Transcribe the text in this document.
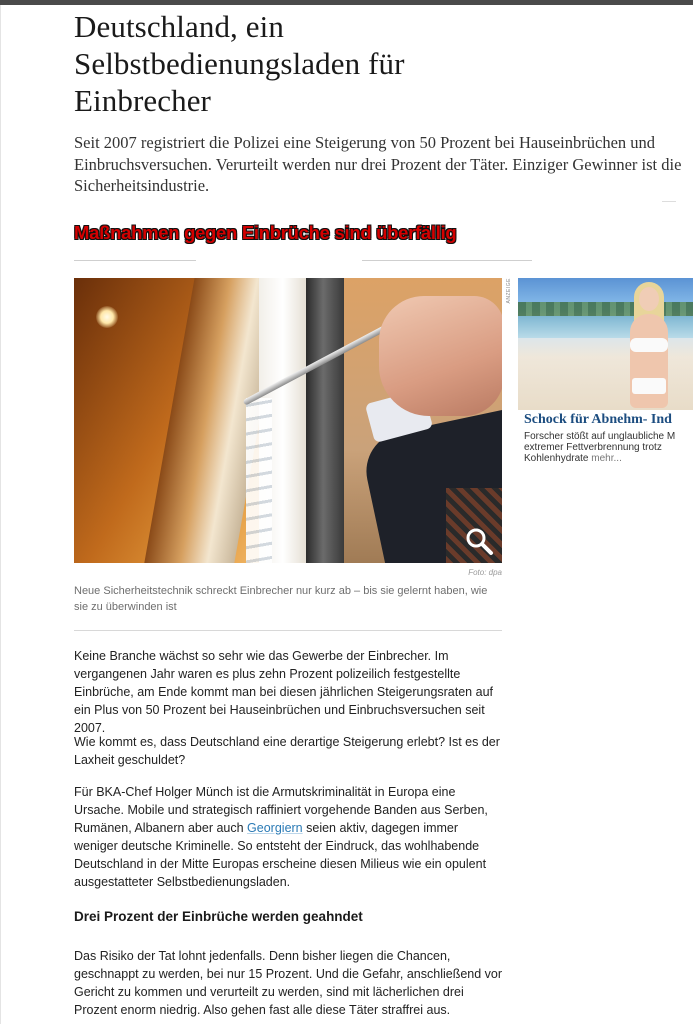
Deutschland, ein Selbstbedienungsladen für Einbrecher

Seit 2007 registriert die Polizei eine Steigerung von 50 Prozent bei Hauseinbrüchen und Einbruchsversuchen. Verurteilt werden nur drei Prozent der Täter. Einziger Gewinner ist die Sicherheitsindustrie.

Maßnahmen gegen Einbrüche sind überfällig
Foto: dpa

Neue Sicherheitstechnik schreckt Einbrecher nur kurz ab – bis sie gelernt haben, wie sie zu überwinden ist

Keine Branche wächst so sehr wie das Gewerbe der Einbrecher. Im vergangenen Jahr waren es plus zehn Prozent polizeilich festgestellte Einbrüche, am Ende kommt man bei diesen jährlichen Steigerungsraten auf ein Plus von 50 Prozent bei Hauseinbrüchen und Einbruchsversuchen seit 2007.

Wie kommt es, dass Deutschland eine derartige Steigerung erlebt? Ist es der Laxheit geschuldet?

Für BKA-Chef Holger Münch ist die Armutskriminalität in Europa eine Ursache. Mobile und strategisch raffiniert vorgehende Banden aus Serben, Rumänen, Albanern aber auch Georgiern seien aktiv, dagegen immer weniger deutsche Kriminelle. So entsteht der Eindruck, das wohlhabende Deutschland in der Mitte Europas erscheine diesen Milieus wie ein opulent ausgestatteter Selbstbedienungsladen.

Drei Prozent der Einbrüche werden geahndet

Das Risiko der Tat lohnt jedenfalls. Denn bisher liegen die Chancen, geschnappt zu werden, bei nur 15 Prozent. Und die Gefahr, anschließend vor Gericht zu kommen und verurteilt zu werden, sind mit lächerlichen drei Prozent enorm niedrig. Also gehen fast alle diese Täter straffrei aus.

ANZEIGE

Schock für Abnehm- Ind

Forscher stößt auf unglaubliche M
extremer Fettverbrennung trotz
Kohlenhydrate mehr...
